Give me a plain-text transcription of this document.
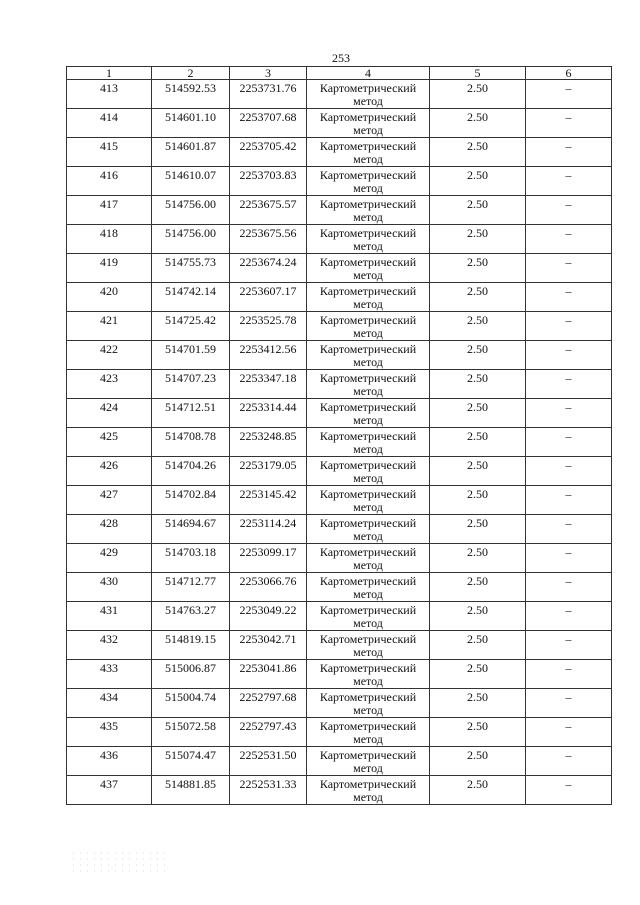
253
1	2	3	4	5	6
413	514592.53	2253731.76	Картометрический метод	2.50	–
414	514601.10	2253707.68	Картометрический метод	2.50	–
415	514601.87	2253705.42	Картометрический метод	2.50	–
416	514610.07	2253703.83	Картометрический метод	2.50	–
417	514756.00	2253675.57	Картометрический метод	2.50	–
418	514756.00	2253675.56	Картометрический метод	2.50	–
419	514755.73	2253674.24	Картометрический метод	2.50	–
420	514742.14	2253607.17	Картометрический метод	2.50	–
421	514725.42	2253525.78	Картометрический метод	2.50	–
422	514701.59	2253412.56	Картометрический метод	2.50	–
423	514707.23	2253347.18	Картометрический метод	2.50	–
424	514712.51	2253314.44	Картометрический метод	2.50	–
425	514708.78	2253248.85	Картометрический метод	2.50	–
426	514704.26	2253179.05	Картометрический метод	2.50	–
427	514702.84	2253145.42	Картометрический метод	2.50	–
428	514694.67	2253114.24	Картометрический метод	2.50	–
429	514703.18	2253099.17	Картометрический метод	2.50	–
430	514712.77	2253066.76	Картометрический метод	2.50	–
431	514763.27	2253049.22	Картометрический метод	2.50	–
432	514819.15	2253042.71	Картометрический метод	2.50	–
433	515006.87	2253041.86	Картометрический метод	2.50	–
434	515004.74	2252797.68	Картометрический метод	2.50	–
435	515072.58	2252797.43	Картометрический метод	2.50	–
436	515074.47	2252531.50	Картометрический метод	2.50	–
437	514881.85	2252531.33	Картометрический метод	2.50	–
